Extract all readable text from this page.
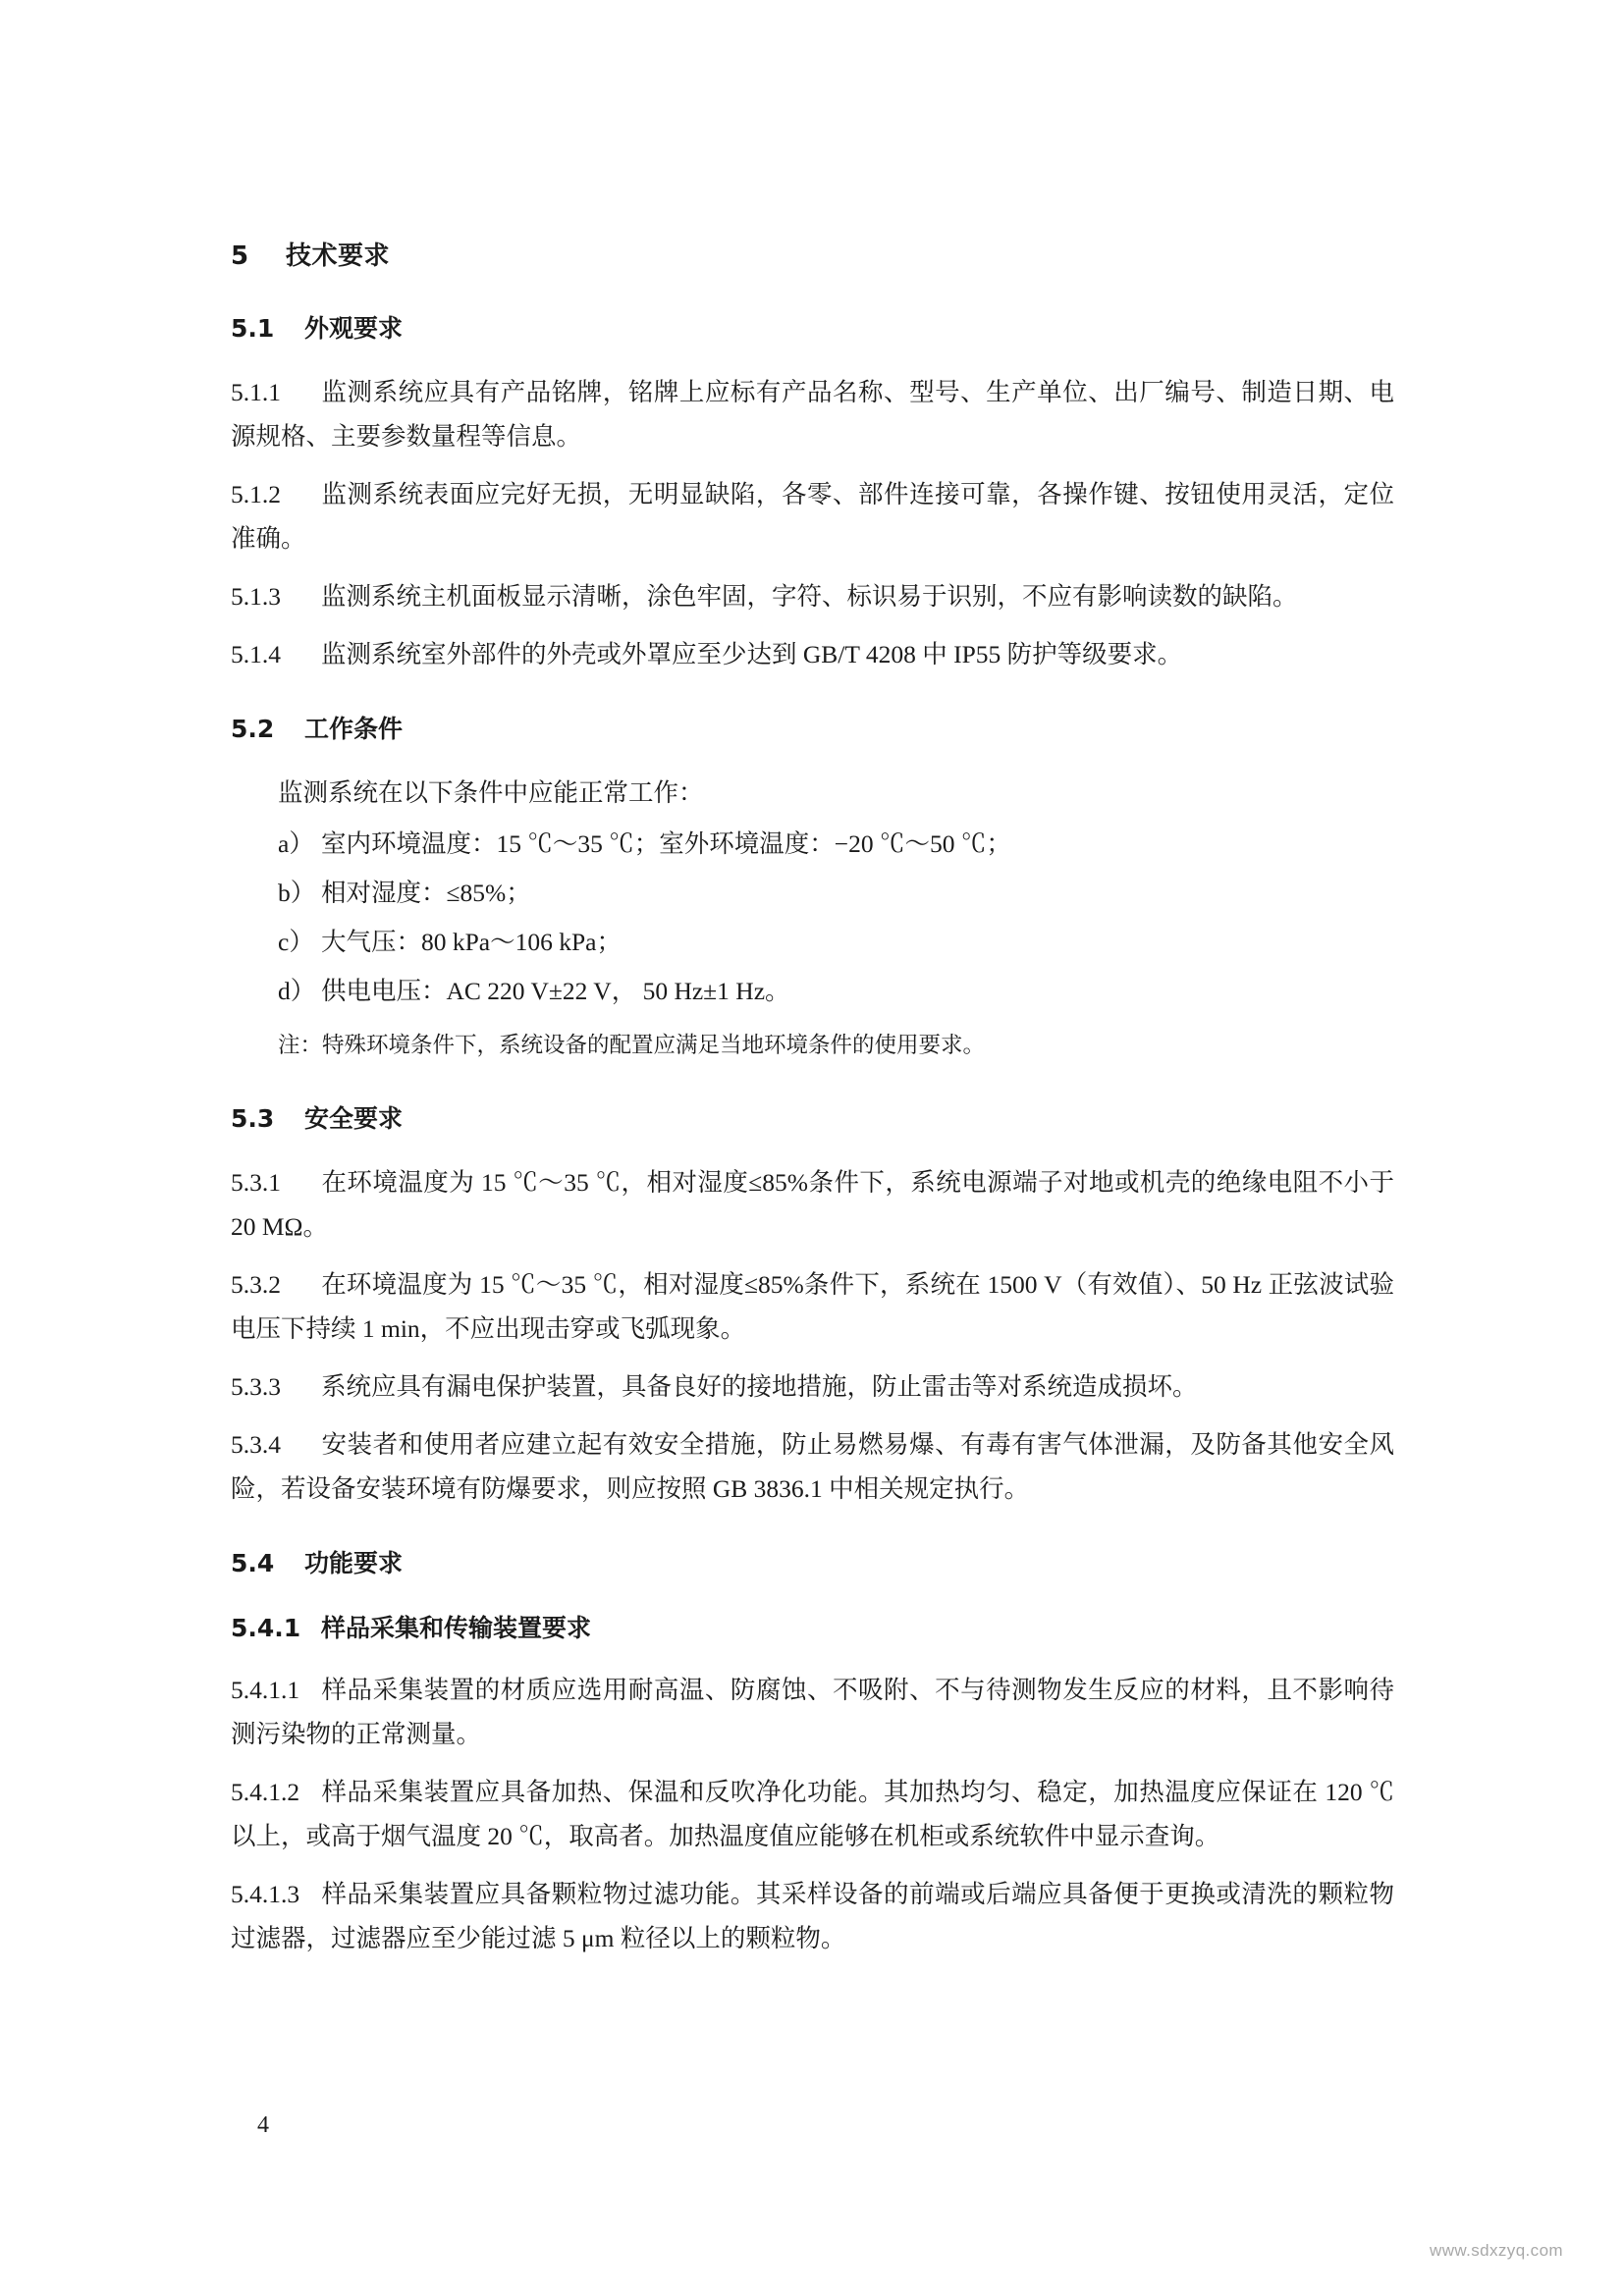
5 技术要求
5.1 外观要求

5.1.1 监测系统应具有产品铭牌，铭牌上应标有产品名称、型号、生产单位、出厂编号、制造日期、电源规格、主要参数量程等信息。

5.1.2 监测系统表面应完好无损，无明显缺陷，各零、部件连接可靠，各操作键、按钮使用灵活，定位准确。

5.1.3 监测系统主机面板显示清晰，涂色牢固，字符、标识易于识别，不应有影响读数的缺陷。

5.1.4 监测系统室外部件的外壳或外罩应至少达到 GB/T 4208 中 IP55 防护等级要求。

5.2 工作条件

监测系统在以下条件中应能正常工作：

a） 室内环境温度：15 ℃～35 ℃；室外环境温度：−20 ℃～50 ℃；
b） 相对湿度：≤85%；
c） 大气压：80 kPa～106 kPa；
d） 供电电压：AC 220 V±22 V， 50 Hz±1 Hz。

注：特殊环境条件下，系统设备的配置应满足当地环境条件的使用要求。

5.3 安全要求

5.3.1 在环境温度为 15 ℃～35 ℃，相对湿度≤85%条件下，系统电源端子对地或机壳的绝缘电阻不小于 20 MΩ。

5.3.2 在环境温度为 15 ℃～35 ℃，相对湿度≤85%条件下，系统在 1500 V（有效值）、50 Hz 正弦波试验电压下持续 1 min，不应出现击穿或飞弧现象。

5.3.3 系统应具有漏电保护装置，具备良好的接地措施，防止雷击等对系统造成损坏。

5.3.4 安装者和使用者应建立起有效安全措施，防止易燃易爆、有毒有害气体泄漏，及防备其他安全风险，若设备安装环境有防爆要求，则应按照 GB 3836.1 中相关规定执行。

5.4 功能要求
5.4.1 样品采集和传输装置要求

5.4.1.1 样品采集装置的材质应选用耐高温、防腐蚀、不吸附、不与待测物发生反应的材料，且不影响待测污染物的正常测量。

5.4.1.2 样品采集装置应具备加热、保温和反吹净化功能。其加热均匀、稳定，加热温度应保证在 120 ℃以上，或高于烟气温度 20 ℃，取高者。加热温度值应能够在机柜或系统软件中显示查询。

5.4.1.3 样品采集装置应具备颗粒物过滤功能。其采样设备的前端或后端应具备便于更换或清洗的颗粒物过滤器，过滤器应至少能过滤 5 μm 粒径以上的颗粒物。

4
www.sdxzyq.com
